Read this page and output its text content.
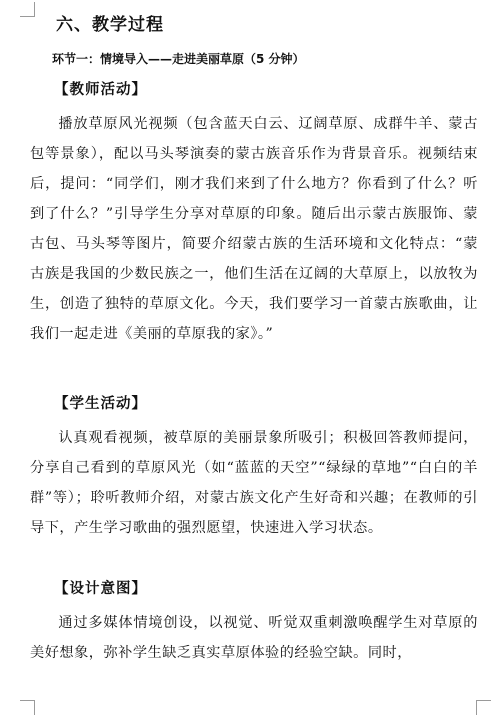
六、教学过程

环节一：情境导入——走进美丽草原（5 分钟）

【教师活动】

播放草原风光视频（包含蓝天白云、辽阔草原、成群牛羊、蒙古包等景象），配以马头琴演奏的蒙古族音乐作为背景音乐。视频结束后，提问：“同学们，刚才我们来到了什么地方？你看到了什么？听到了什么？”引导学生分享对草原的印象。随后出示蒙古族服饰、蒙古包、马头琴等图片，简要介绍蒙古族的生活环境和文化特点：“蒙古族是我国的少数民族之一，他们生活在辽阔的大草原上，以放牧为生，创造了独特的草原文化。今天，我们要学习一首蒙古族歌曲，让我们一起走进《美丽的草原我的家》。”

【学生活动】

认真观看视频，被草原的美丽景象所吸引；积极回答教师提问，分享自己看到的草原风光（如“蓝蓝的天空”“绿绿的草地”“白白的羊群”等）；聆听教师介绍，对蒙古族文化产生好奇和兴趣；在教师的引导下，产生学习歌曲的强烈愿望，快速进入学习状态。

【设计意图】

通过多媒体情境创设，以视觉、听觉双重刺激唤醒学生对草原的美好想象，弥补学生缺乏真实草原体验的经验空缺。同时，
